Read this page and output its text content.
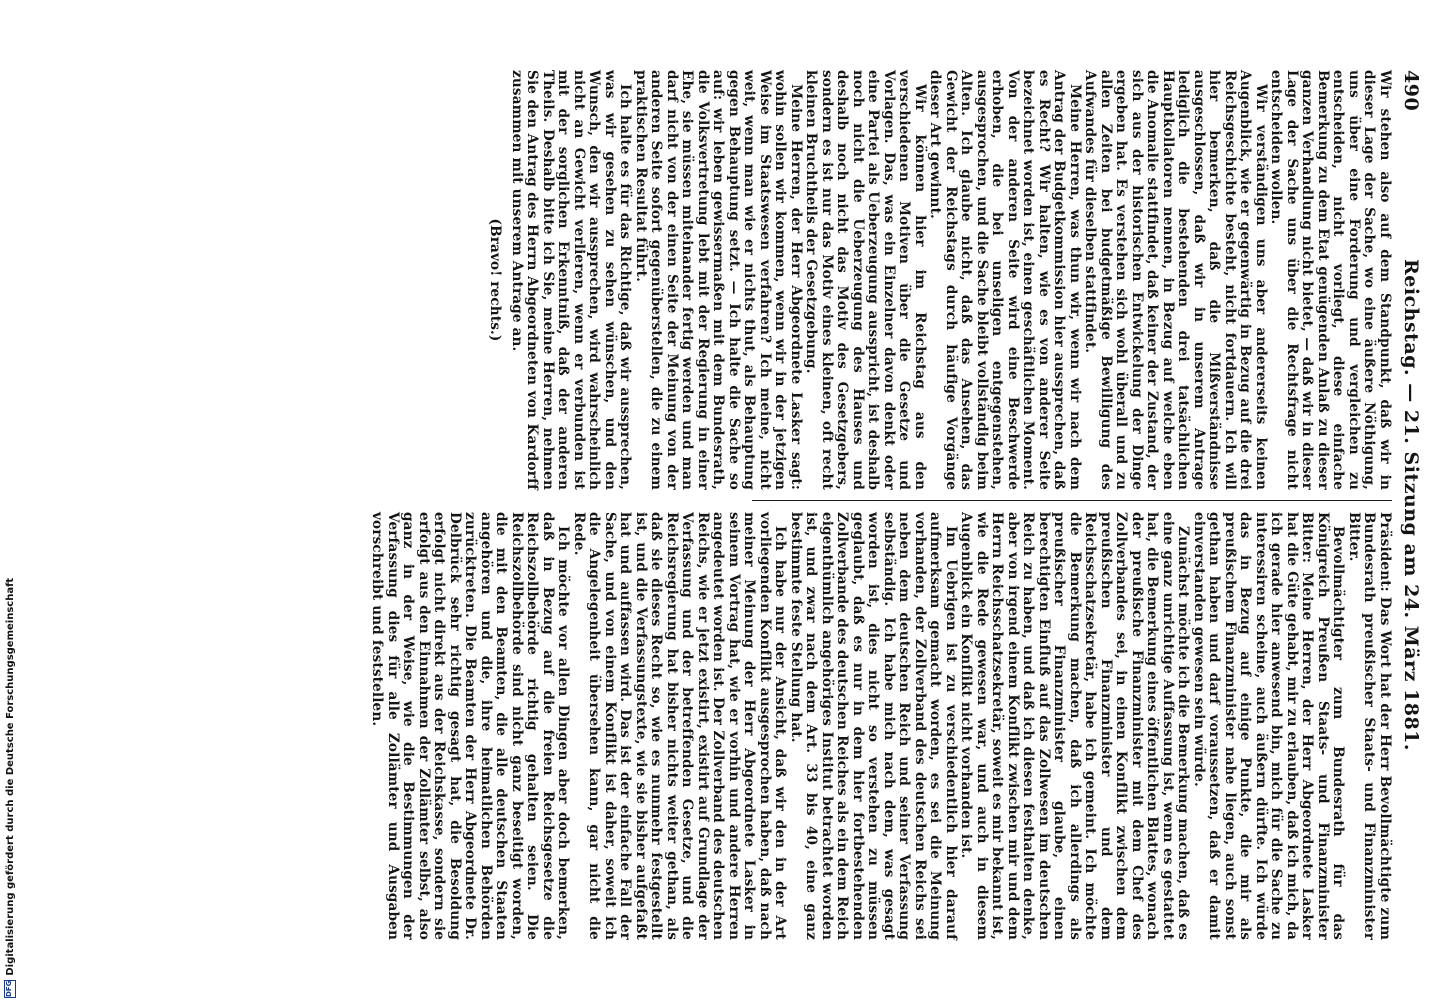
490
Reichstag. — 21. Sitzung am 24. März 1881.

Wir stehen also auf dem Standpunkt, daß wir in dieser Lage der Sache, wo eine äußere Nöthigung, uns über eine Forderung und vergleichen zu entscheiden, nicht vorliegt, diese einfache Bemerkung zu dem Etat genügenden Anlaß zu dieser ganzen Verhandlung nicht bietet, — daß wir in dieser Lage der Sache uns über die Rechtsfrage nicht entscheiden wollen.

Wir verständigen uns aber andererseits keinen Augenblick, wie er gegenwärtig in Bezug auf die drei Reichsgeschichte besteht, nicht fortdauern. Ich will hier bemerken, daß die Mißverständnisse ausgeschlossen, daß wir in unserem Antrage lediglich die bestehenden drei tatsächlichen Hauptkollatoren nennen, in Bezug auf welche eben die Anomalie stattfindet, daß keiner der Zustand, der sich aus der historischen Entwickelung der Dinge ergeben hat. Es verstehen sich wohl überall und zu allen Zeiten bei budgetmäßige Bewilligung des Aufwandes für dieselben stattfindet.

Meine Herren, was thun wir, wenn wir nach dem Antrag der Budgetkommission hier aussprechen, daß es Recht? Wir halten, wie es von anderer Seite bezeichnet worden ist, einen geschäftlichen Moment. Von der anderen Seite wird eine Beschwerde erhoben, die bei unseligen entgegenstehen, ausgesprochen, und die Sache bleibt vollständig beim Alten. Ich glaube nicht, daß das Ansehen, das Gewicht der Reichstags durch häufige Vorgänge dieser Art gewinnt.

Wir können hier im Reichstag aus den verschiedenen Motiven über die Gesetze und Vorlagen. Das, was ein Einzelner davon denkt oder eine Partei als Ueberzeugung ausspricht, ist deshalb noch nicht die Ueberzeugung des Hauses und deshalb noch nicht das Motiv des Gesetzgebers, sondern es ist nur das Motiv eines kleinen, oft recht kleinen Bruchtheils der Gesetzgebung.

Meine Herren, der Herr Abgeordnete Lasker sagt: wohin sollen wir kommen, wenn wir in der jetzigen Weise im Staatswesen verfahren? Ich meine, nicht weit, wenn man wie er nichts thut, als Behauptung gegen Behauptung setzt. — Ich halte die Sache so auf: wir leben gewissermaßen mit dem Bundesrath, die Volksvertretung lebt mit der Regierung in einer Ehe, sie müssen miteinander fertig werden und man darf nicht von der einen Seite der Meinung von der anderen Seite sofort gegenüberstellen, die zu einem praktischen Resultat führt.

Ich halte es für das Richtige, daß wir aussprechen, was wir gesehen zu sehen wünschen, und den Wunsch, den wir aussprechen, wird wahrscheinlich nicht an Gewicht verlieren, wenn er verbunden ist mit der sorglichen Erkenntniß, daß der anderen Theils. Deshalb bitte ich Sie, meine Herren, nehmen Sie den Antrag des Herrn Abgeordneten von Kardorff zusammen mit unserem Antrage an.

(Bravo! rechts.)

Präsident: Das Wort hat der Herr Bevollmächtigte zum Bundesrath preußischer Staats- und Finanzminister Bitter.

Bevollmächtigter zum Bundesrath für das Königreich Preußen Staats- und Finanzminister Bitter: Meine Herren, der Herr Abgeordnete Lasker hat die Güte gehabt, mir zu erlauben, daß ich mich, da ich gerade hier anwesend bin, mich für die Sache zu interessiren scheine, auch äußern dürfte. Ich würde das in Bezug auf einige Punkte, die mir als preußischem Finanzminister nahe liegen, auch sonst gethan haben und darf voraussetzen, daß er damit einverstanden gewesen sein würde.

Zunächst möchte ich die Bemerkung machen, daß es eine ganz unrichtige Auffassung ist, wenn es gestattet hat, die Bemerkung eines öffentlichen Blattes, wonach der preußische Finanzminister mit dem Chef des Zollverbandes sei, in einen Konflikt zwischen dem preußischen Finanzminister und dem Reichsschatzsekretär, habe ich gemeint. Ich möchte die Bemerkung machen, daß ich allerdings als preußischer Finanzminister glaube, einen berechtigten Einfluß auf das Zollwesen im deutschen Reich zu haben, und daß ich diesen festhalten denke, aber von irgend einem Konflikt zwischen mir und dem Herrn Reichsschatzsekretär, soweit es mir bekannt ist, wie die Rede gewesen war, und auch in diesem Augenblick ein Konflikt nicht vorhanden ist.

Im Uebrigen ist zu verschiedentlich hier darauf aufmerksam gemacht worden, es sei die Meinung vorhanden, der Zollverband des deutschen Reichs sei neben dem deutschen Reich und seiner Verfassung selbständig. Ich habe mich nach dem, was gesagt worden ist, dies nicht so verstehen zu müssen geglaubt, daß es nur in dem hier fortbestehenden Zollverbande des deutschen Reiches als ein dem Reich eigenthümlich angehöriges Institut betrachtet worden ist, und zwar nach dem Art. 33 bis 40, eine ganz bestimmte feste Stellung hat.

Ich habe nur der Ansicht, daß wir den in der Art vorliegenden Konflikt ausgesprochen haben, daß nach meiner Meinung der Herr Abgeordnete Lasker in seinem Vortrag hat, wie er vorhin und andere Herren angedeutet worden ist. Der Zollverband des deutschen Reichs, wie er jetzt existirt, existirt auf Grundlage der Verfassung und der betreffenden Gesetze, und die Reichsregierung hat bisher nichts weiter gethan, als daß sie dieses Recht so, wie es nunmehr festgestellt ist, und die Verfassungstexte, wie sie bisher aufgefaßt hat und auffassen wird. Das ist der einfache Fall der Sache, und von einem Konflikt ist daher, soweit ich die Angelegenheit übersehen kann, gar nicht die Rede.

Ich möchte vor allen Dingen aber doch bemerken, daß in Bezug auf die freien Reichsgesetze die Reichszollbehörde richtig gehalten seien. Die Reichszollbehörde sind nicht ganz beseitigt worden, die mit den Beamten, die alle deutschen Staaten angehören und die, ihre heimatlichen Behörden zurücktreten. Die Beamten der Herr Abgeordnete Dr. Delbrück sehr richtig gesagt hat, die Besoldung erfolgt nicht direkt aus der Reichskasse, sondern sie erfolgt aus den Einnahmen der Zollämter selbst, also ganz in der Weise, wie die Bestimmungen der Verfassung dies für alle Zollämter und Ausgaben vorschreibt und feststellen.

DFG
Digitalisierung gefördert durch die Deutsche Forschungsgemeinschaft
